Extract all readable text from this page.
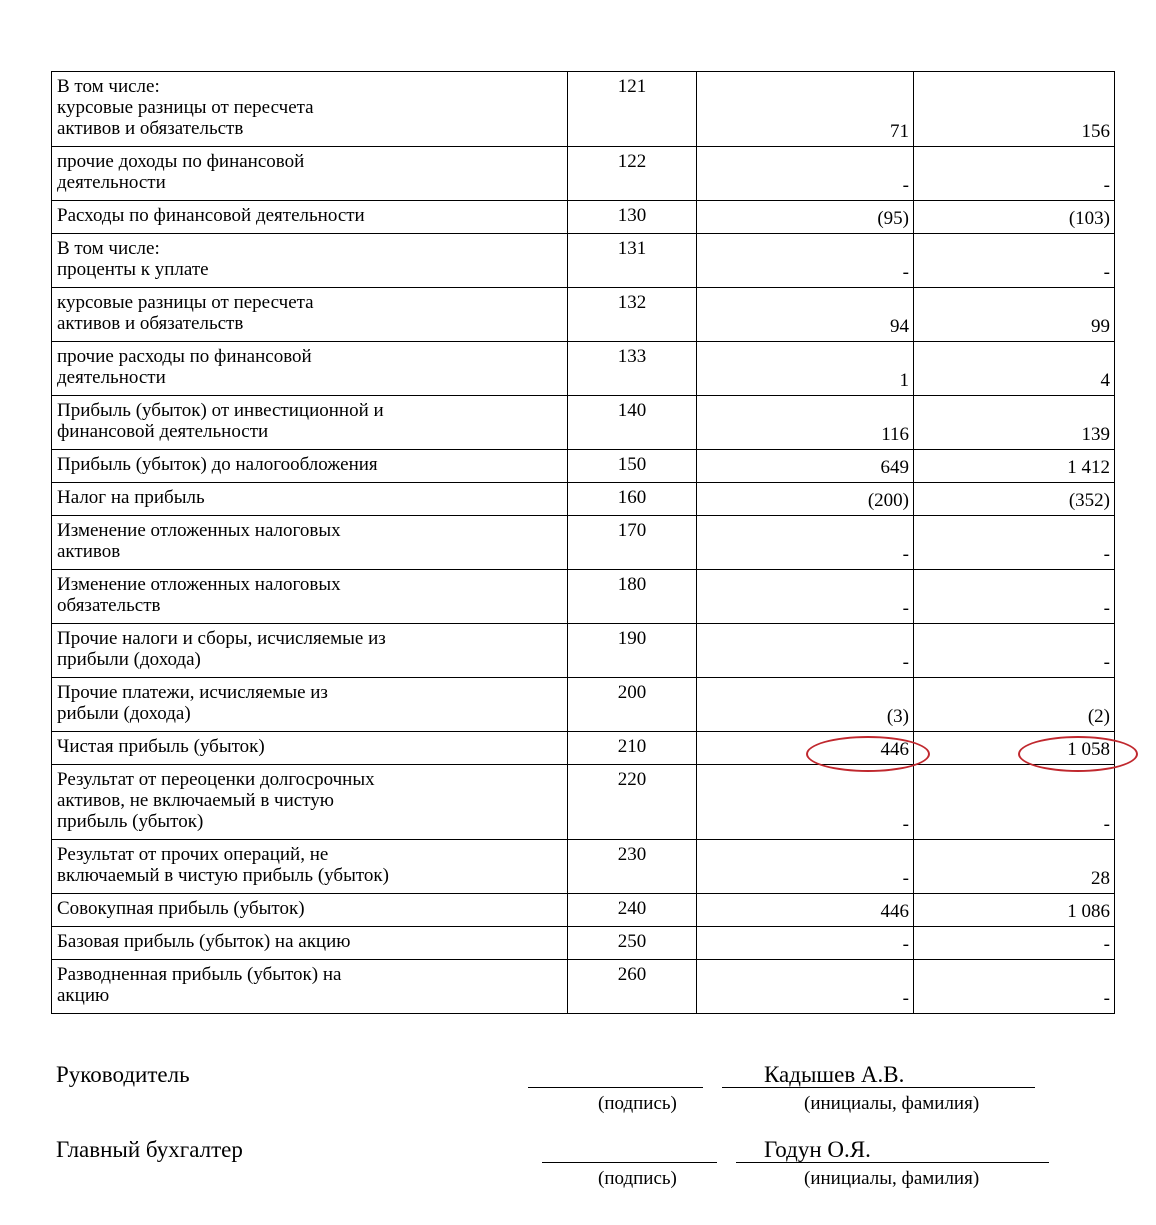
В том числе:
курсовые разницы от пересчета
активов и обязательств	121	71	156

прочие доходы по финансовой
деятельности	122	-	-

Расходы по финансовой деятельности	130	(95)	(103)

В том числе:
проценты к уплате	131	-	-

курсовые разницы от пересчета
активов и обязательств	132	94	99

прочие расходы по финансовой
деятельности	133	1	4

Прибыль (убыток) от инвестиционной и
финансовой деятельности	140	116	139

Прибыль (убыток) до налогообложения	150	649	1 412

Налог на прибыль	160	(200)	(352)

Изменение отложенных налоговых
активов	170	-	-

Изменение отложенных налоговых
обязательств	180	-	-

Прочие налоги и сборы, исчисляемые из
прибыли (дохода)	190	-	-

Прочие платежи, исчисляемые из
рибыли (дохода)	200	(3)	(2)

Чистая прибыль (убыток)	210	446	1 058

Результат от переоценки долгосрочных
активов, не включаемый в чистую
прибыль (убыток)	220	-	-

Результат от прочих операций, не
включаемый в чистую прибыль (убыток)	230	-	28

Совокупная прибыль (убыток)	240	446	1 086

Базовая прибыль (убыток) на акцию	250	-	-

Разводненная прибыль (убыток) на
акцию	260	-	-
Руководитель
(подпись)
Кадышев А.В.
(инициалы, фамилия)
Главный бухгалтер
(подпись)
Годун О.Я.
(инициалы, фамилия)
